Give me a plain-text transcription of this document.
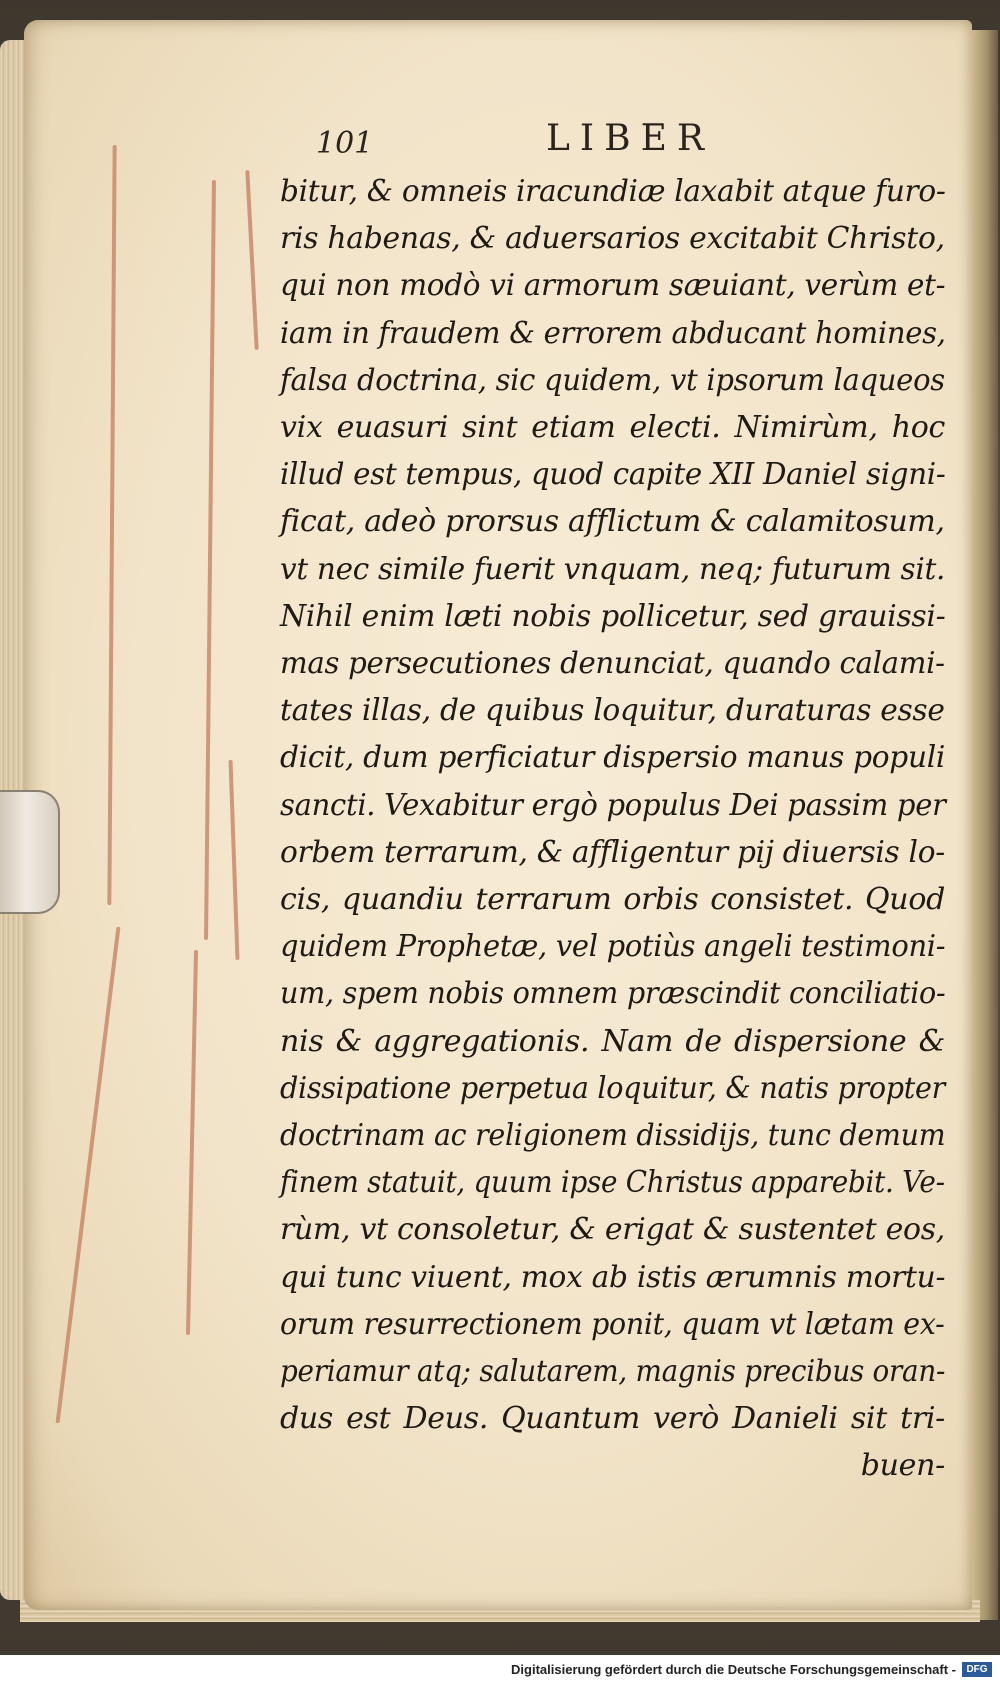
101	LIBER
bitur, & omneis iracundiæ laxabit atque furo-
ris habenas, & aduersarios excitabit Christo,
qui non modò vi armorum sæuiant, verùm et-
iam in fraudem & errorem abducant homines,
falsa doctrina, sic quidem, vt ipsorum laqueos
vix euasuri sint etiam electi. Nimirùm, hoc
illud est tempus, quod capite XII Daniel signi-
ficat, adeò prorsus afflictum & calamitosum,
vt nec simile fuerit vnquam, neq; futurum sit.
Nihil enim læti nobis pollicetur, sed grauissi-
mas persecutiones denunciat, quando calami-
tates illas, de quibus loquitur, duraturas esse
dicit, dum perficiatur dispersio manus populi
sancti. Vexabitur ergò populus Dei passim per
orbem terrarum, & affligentur pij diuersis lo-
cis, quandiu terrarum orbis consistet. Quod
quidem Prophetæ, vel potiùs angeli testimoni-
um, spem nobis omnem præscindit conciliatio-
nis & aggregationis. Nam de dispersione &
dissipatione perpetua loquitur, & natis propter
doctrinam ac religionem dissidijs, tunc demum
finem statuit, quum ipse Christus apparebit. Ve-
rùm, vt consoletur, & erigat & sustentet eos,
qui tunc viuent, mox ab istis ærumnis mortu-
orum resurrectionem ponit, quam vt lætam ex-
periamur atq; salutarem, magnis precibus oran-
dus est Deus. Quantum verò Danieli sit tri-
buen-
Digitalisierung gefördert durch die Deutsche Forschungsgemeinschaft -	DFG
